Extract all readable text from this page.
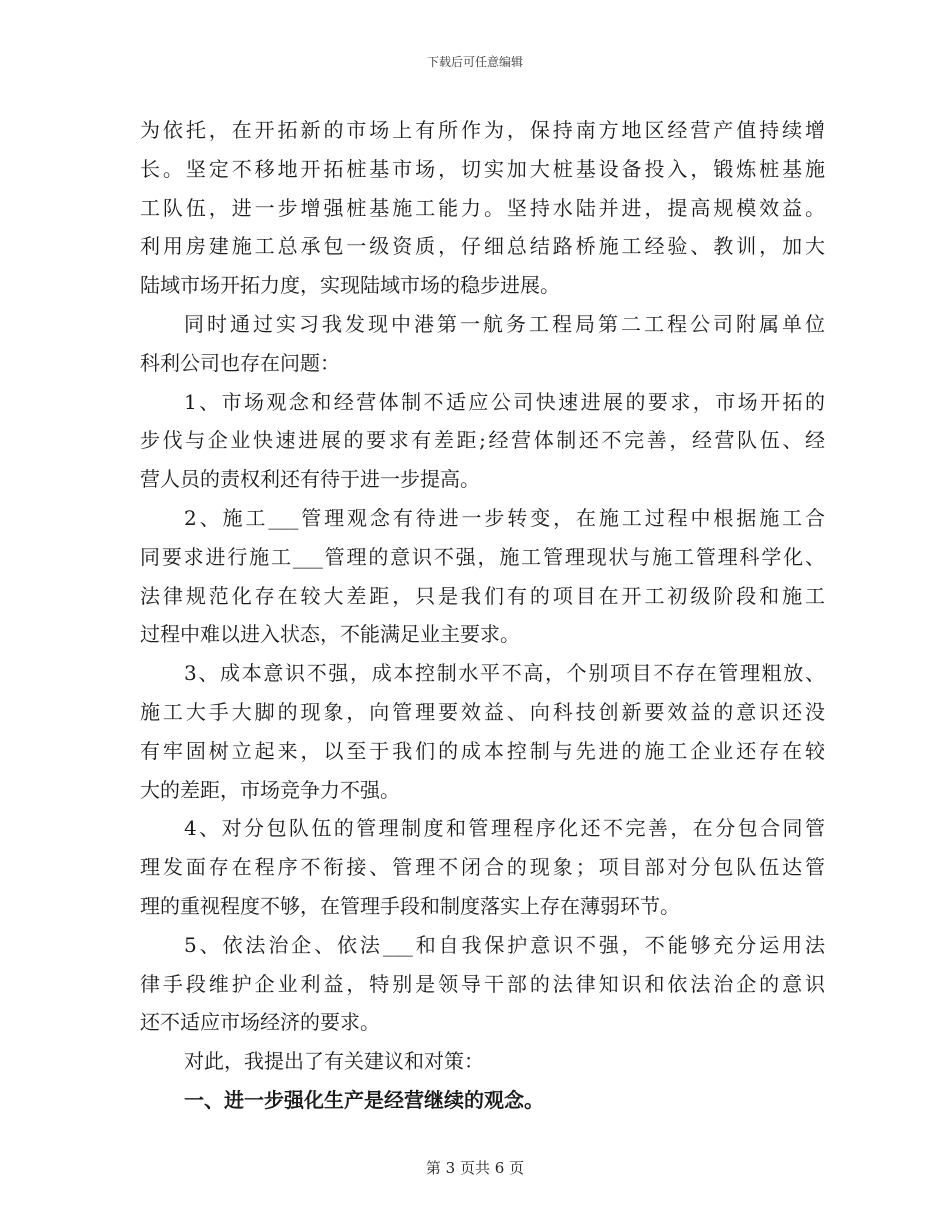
下载后可任意编辑
为依托，在开拓新的市场上有所作为，保持南方地区经营产值持续增
长。坚定不移地开拓桩基市场，切实加大桩基设备投入，锻炼桩基施
工队伍，进一步增强桩基施工能力。坚持水陆并进，提高规模效益。
利用房建施工总承包一级资质，仔细总结路桥施工经验、教训，加大
陆域市场开拓力度，实现陆域市场的稳步进展。
同时通过实习我发现中港第一航务工程局第二工程公司附属单位
科利公司也存在问题：
1、市场观念和经营体制不适应公司快速进展的要求，市场开拓的
步伐与企业快速进展的要求有差距;经营体制还不完善，经营队伍、经
营人员的责权利还有待于进一步提高。
2、施工___管理观念有待进一步转变，在施工过程中根据施工合
同要求进行施工___管理的意识不强，施工管理现状与施工管理科学化、
法律规范化存在较大差距，只是我们有的项目在开工初级阶段和施工
过程中难以进入状态，不能满足业主要求。
3、成本意识不强，成本控制水平不高，个别项目不存在管理粗放、
施工大手大脚的现象，向管理要效益、向科技创新要效益的意识还没
有牢固树立起来，以至于我们的成本控制与先进的施工企业还存在较
大的差距，市场竞争力不强。
4、对分包队伍的管理制度和管理程序化还不完善，在分包合同管
理发面存在程序不衔接、管理不闭合的现象；项目部对分包队伍达管
理的重视程度不够，在管理手段和制度落实上存在薄弱环节。
5、依法治企、依法___和自我保护意识不强，不能够充分运用法
律手段维护企业利益，特别是领导干部的法律知识和依法治企的意识
还不适应市场经济的要求。
对此，我提出了有关建议和对策：
一、进一步强化生产是经营继续的观念。
第 3 页共 6 页
